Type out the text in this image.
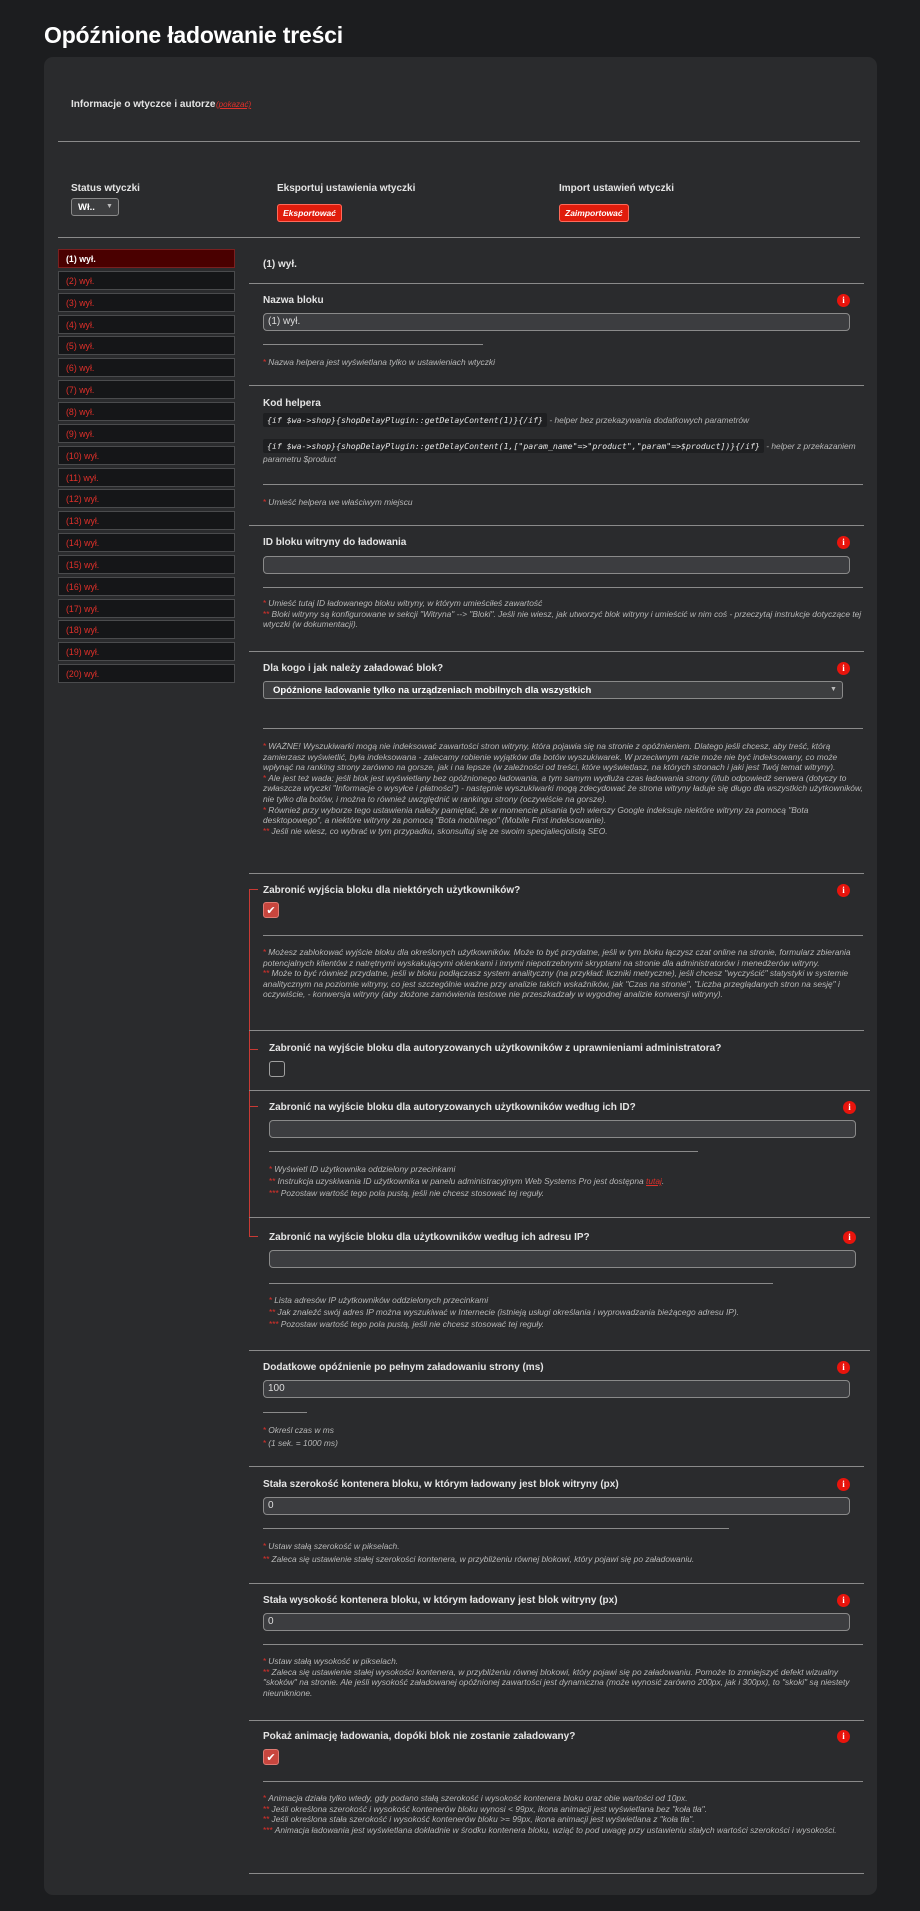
Opóźnione ładowanie treści
Informacje o wtyczce i autorze (pokazać)
Status wtyczki
Wł.. ▼
Eksportuj ustawienia wtyczki
Eksportować
Import ustawień wtyczki
Zaimportować
(1) wył.
(2) wył.
(3) wył.
(4) wył.
(5) wył.
(6) wył.
(7) wył.
(8) wył.
(9) wył.
(10) wył.
(11) wył.
(12) wył.
(13) wył.
(14) wył.
(15) wył.
(16) wył.
(17) wył.
(18) wył.
(19) wył.
(20) wył.
(1) wył.
Nazwa bloku	i
(1) wył.
* Nazwa helpera jest wyświetlana tylko w ustawieniach wtyczki
Kod helpera
{if $wa->shop}{shopDelayPlugin::getDelayContent(1)}{/if} - helper bez przekazywania dodatkowych parametrów
{if $wa->shop}{shopDelayPlugin::getDelayContent(1,["param_name"=>"product","param"=>$product])}{/if} - helper z przekazaniem parametru $product
* Umieść helpera we właściwym miejscu
ID bloku witryny do ładowania	i
* Umieść tutaj ID ładowanego bloku witryny, w którym umieściłeś zawartość
** Bloki witryny są konfigurowane w sekcji "Witryna" --> "Bloki". Jeśli nie wiesz, jak utworzyć blok witryny i umieścić w nim coś - przeczytaj instrukcje dotyczące tej wtyczki (w dokumentacji).
Dla kogo i jak należy załadować blok?	i
Opóźnione ładowanie tylko na urządzeniach mobilnych dla wszystkich	▼
* WAŻNE! Wyszukiwarki mogą nie indeksować zawartości stron witryny, która pojawia się na stronie z opóźnieniem. Dlatego jeśli chcesz, aby treść, którą zamierzasz wyświetlić, była indeksowana - zalecamy robienie wyjątków dla botów wyszukiwarek. W przeciwnym razie może nie być indeksowany, co może wpłynąć na ranking strony zarówno na gorsze, jak i na lepsze (w zależności od treści, które wyświetlasz, na których stronach i jaki jest Twój temat witryny).
* Ale jest też wada: jeśli blok jest wyświetlany bez opóźnionego ładowania, a tym samym wydłuża czas ładowania strony (i/lub odpowiedź serwera (dotyczy to zwłaszcza wtyczki "Informacje o wysyłce i płatności") - następnie wyszukiwarki mogą zdecydować że strona witryny ładuje się długo dla wszystkich użytkowników, nie tylko dla botów, i można to również uwzględnić w rankingu strony (oczywiście na gorsze).
* Również przy wyborze tego ustawienia należy pamiętać, że w momencie pisania tych wierszy Google indeksuje niektóre witryny za pomocą "Bota desktopowego", a niektóre witryny za pomocą "Bota mobilnego" (Mobile First indeksowanie).
** Jeśli nie wiesz, co wybrać w tym przypadku, skonsultuj się ze swoim specjaliecjolistą SEO.
Zabronić wyjścia bloku dla niektórych użytkowników?	i
✔
* Możesz zablokować wyjście bloku dla określonych użytkowników. Może to być przydatne, jeśli w tym bloku łączysz czat online na stronie, formularz zbierania potencjalnych klientów z natrętnymi wyskakującymi okienkami i innymi niepotrzebnymi skryptami na stronie dla administratorów i menedżerów witryny.
** Może to być również przydatne, jeśli w bloku podłączasz system analityczny (na przykład: liczniki metryczne), jeśli chcesz "wyczyścić" statystyki w systemie analitycznym na poziomie witryny, co jest szczególnie ważne przy analizie takich wskaźników, jak "Czas na stronie", "Liczba przeglądanych stron na sesję" i oczywiście, - konwersja witryny (aby złożone zamówienia testowe nie przeszkadzały w wygodnej analizie konwersji witryny).
Zabronić na wyjście bloku dla autoryzowanych użytkowników z uprawnieniami administratora?
Zabronić na wyjście bloku dla autoryzowanych użytkowników według ich ID?	i
* Wyświetl ID użytkownika oddzielony przecinkami
** Instrukcja uzyskiwania ID użytkownika w panelu administracyjnym Web Systems Pro jest dostępna tutaj.
*** Pozostaw wartość tego pola pustą, jeśli nie chcesz stosować tej reguły.
Zabronić na wyjście bloku dla użytkowników według ich adresu IP?	i
* Lista adresów IP użytkowników oddzielonych przecinkami
** Jak znaleźć swój adres IP można wyszukiwać w Internecie (istnieją usługi określania i wyprowadzania bieżącego adresu IP).
*** Pozostaw wartość tego pola pustą, jeśli nie chcesz stosować tej reguły.
Dodatkowe opóźnienie po pełnym załadowaniu strony (ms)	i
100
* Określ czas w ms
* (1 sek. = 1000 ms)
Stała szerokość kontenera bloku, w którym ładowany jest blok witryny (px)	i
0
* Ustaw stałą szerokość w pikselach.
** Zaleca się ustawienie stałej szerokości kontenera, w przybliżeniu równej blokowi, który pojawi się po załadowaniu.
Stała wysokość kontenera bloku, w którym ładowany jest blok witryny (px)	i
0
* Ustaw stałą wysokość w pikselach.
** Zaleca się ustawienie stałej wysokości kontenera, w przybliżeniu równej blokowi, który pojawi się po załadowaniu. Pomoże to zmniejszyć defekt wizualny "skoków" na stronie. Ale jeśli wysokość załadowanej opóźnionej zawartości jest dynamiczna (może wynosić zarówno 200px, jak i 300px), to "skoki" są niestety nieuniknione.
Pokaż animację ładowania, dopóki blok nie zostanie załadowany?	i
✔
* Animacja działa tylko wtedy, gdy podano stałą szerokość i wysokość kontenera bloku oraz obie wartości od 10px.
** Jeśli określona szerokość i wysokość kontenerów bloku wynosi < 99px, ikona animacji jest wyświetlana bez "koła tła".
** Jeśli określona stała szerokość i wysokość kontenerów bloku >= 99px, ikona animacji jest wyświetlana z "koła tła".
*** Animacja ładowania jest wyświetlana dokładnie w środku kontenera bloku, wziąć to pod uwagę przy ustawieniu stałych wartości szerokości i wysokości.
